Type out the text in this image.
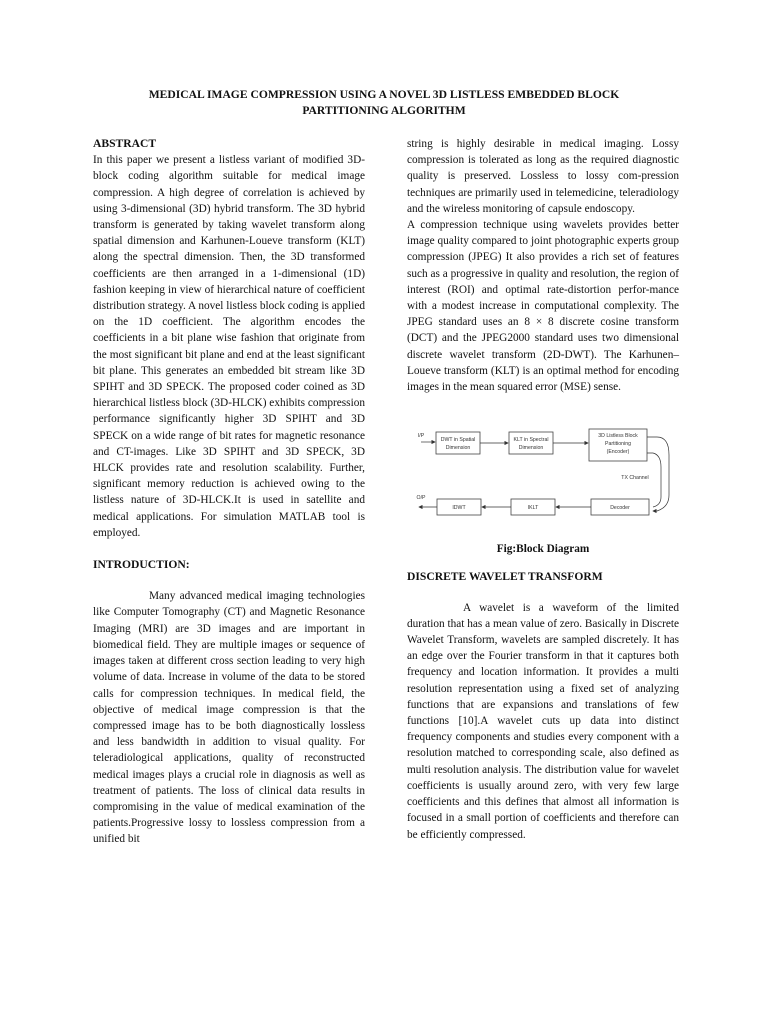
MEDICAL IMAGE COMPRESSION USING A NOVEL 3D LISTLESS EMBEDDED BLOCK
PARTITIONING ALGORITHM
ABSTRACT

In this paper we present a listless variant of modified 3D- block coding algorithm suitable for medical image compression. A high degree of correlation is achieved by using 3-dimensional (3D) hybrid transform. The 3D hybrid transform is generated by taking wavelet transform along spatial dimension and Karhunen-Loueve transform (KLT) along the spectral dimension. Then, the 3D transformed coefficients are then arranged in a 1-dimensional (1D) fashion keeping in view of hierarchical nature of coefficient distribution strategy. A novel listless block coding is applied on the 1D coefficient. The algorithm encodes the coefficients in a bit plane wise fashion that originate from the most significant bit plane and end at the least significant bit plane. This generates an embedded bit stream like 3D SPIHT and 3D SPECK. The proposed coder coined as 3D hierarchical listless block (3D-HLCK) exhibits compression performance significantly higher 3D SPIHT and 3D SPECK on a wide range of bit rates for magnetic resonance and CT-images. Like 3D SPIHT and 3D SPECK, 3D HLCK provides rate and resolution scalability. Further, significant memory reduction is achieved owing to the listless nature of 3D-HLCK.It is used in satellite and medical applications. For simulation MATLAB tool is employed.

INTRODUCTION:

Many advanced medical imaging technologies like Computer Tomography (CT) and Magnetic Resonance Imaging (MRI) are 3D images and are important in biomedical field. They are multiple images or sequence of images taken at different cross section leading to very high volume of data. Increase in volume of the data to be stored calls for compression techniques. In medical field, the objective of medical image compression is that the compressed image has to be both diagnostically lossless and less bandwidth in addition to visual quality. For teleradiological applications, quality of reconstructed medical images plays a crucial role in diagnosis as well as treatment of patients. The loss of clinical data results in compromising in the value of medical examination of the patients.Progressive lossy to lossless compression from a unified bit

string is highly desirable in medical imaging. Lossy compression is tolerated as long as the required diagnostic quality is preserved. Lossless to lossy com-pression techniques are primarily used in telemedicine, teleradiology and the wireless monitoring of capsule endoscopy.

A compression technique using wavelets provides better image quality compared to joint photographic experts group compression (JPEG) It also provides a rich set of features such as a progressive in quality and resolution, the region of interest (ROI) and optimal rate-distortion perfor-mance with a modest increase in computational complexity. The JPEG standard uses an 8 × 8 discrete cosine transform (DCT) and the JPEG2000 standard uses two dimensional discrete wavelet transform (2D-DWT). The Karhunen–Loueve transform (KLT) is an optimal method for encoding images in the mean squared error (MSE) sense.

I/P
DWT in Spatial
Dimension
KLT in Spectral
Dimension
3D Listless Block
Partitioning
(Encoder)
TX Channel
Decoder
IKLT
IDWT
O/P
Fig:Block Diagram
DISCRETE WAVELET TRANSFORM

A wavelet is a waveform of the limited duration that has a mean value of zero. Basically in Discrete Wavelet Transform, wavelets are sampled discretely. It has an edge over the Fourier transform in that it captures both frequency and location information. It provides a multi resolution representation using a fixed set of analyzing functions that are expansions and translations of few functions [10].A wavelet cuts up data into distinct frequency components and studies every component with a resolution matched to corresponding scale, also defined as multi resolution analysis. The distribution value for wavelet coefficients is usually around zero, with very few large coefficients and this defines that almost all information is focused in a small portion of coefficients and therefore can be efficiently compressed.
